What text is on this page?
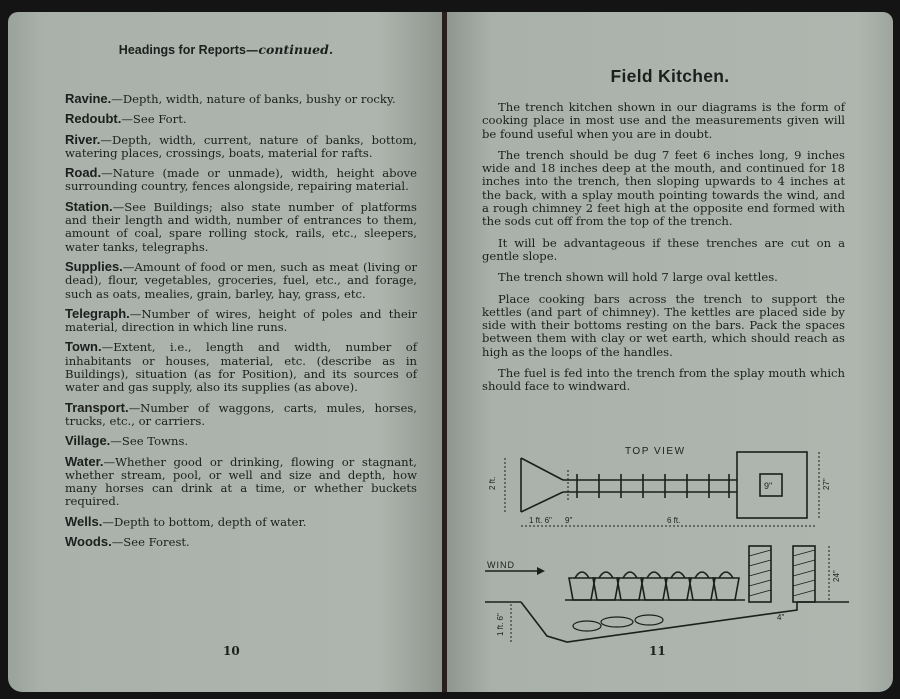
Headings for Reports—continued.
Ravine.—Depth, width, nature of banks, bushy or rocky.
Redoubt.—See Fort.
River.—Depth, width, current, nature of banks, bottom, watering places, crossings, boats, material for rafts.
Road.—Nature (made or unmade), width, height above surrounding country, fences alongside, repairing material.
Station.—See Buildings; also state number of platforms and their length and width, number of entrances to them, amount of coal, spare rolling stock, rails, etc., sleepers, water tanks, telegraphs.
Supplies.—Amount of food or men, such as meat (living or dead), flour, vegetables, groceries, fuel, etc., and forage, such as oats, mealies, grain, barley, hay, grass, etc.
Telegraph.—Number of wires, height of poles and their material, direction in which line runs.
Town.—Extent, i.e., length and width, number of inhabitants or houses, material, etc. (describe as in Buildings), situation (as for Position), and its sources of water and gas supply, also its supplies (as above).
Transport.—Number of waggons, carts, mules, horses, trucks, etc., or carriers.
Village.—See Towns.
Water.—Whether good or drinking, flowing or stagnant, whether stream, pool, or well and size and depth, how many horses can drink at a time, or whether buckets required.
Wells.—Depth to bottom, depth of water.
Woods.—See Forest.
10
Field Kitchen.

The trench kitchen shown in our diagrams is the form of cooking place in most use and the measurements given will be found useful when you are in doubt.

The trench should be dug 7 feet 6 inches long, 9 inches wide and 18 inches deep at the mouth, and continued for 18 inches into the trench, then sloping upwards to 4 inches at the back, with a splay mouth pointing towards the wind, and a rough chimney 2 feet high at the opposite end formed with the sods cut off from the top of the trench.

It will be advantageous if these trenches are cut on a gentle slope.

The trench shown will hold 7 large oval kettles.

Place cooking bars across the trench to support the kettles (and part of chimney). The kettles are placed side by side with their bottoms resting on the bars. Pack the spaces between them with clay or wet earth, which should reach as high as the loops of the handles.

The fuel is fed into the trench from the splay mouth which should face to windward.

TOP VIEW
9"
2 ft.	27"
1 ft. 6" 9"	6 ft.
WIND
1 ft. 6"
24"
4"
11
